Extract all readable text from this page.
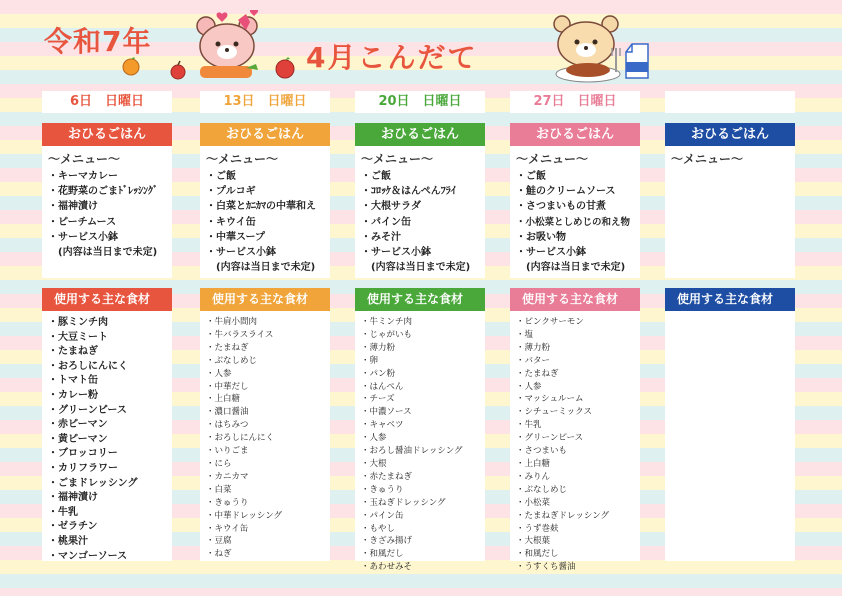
令和7年	4月こんだて
6日　日曜日
おひるごはん
〜メニュー〜
・ キーマカレー
・ 花野菜のごまﾄﾞﾚｯｼﾝｸﾞ
・ 福神漬け
・ ピーチムース
・ サービス小鉢
(内容は当日まで未定)
使用する主な食材
・ 豚ミンチ肉
・ 大豆ミート
・ たまねぎ
・ おろしにんにく
・ トマト缶
・ カレー粉
・ グリーンピース
・ 赤ピーマン
・ 黄ピーマン
・ ブロッコリー
・ カリフラワー
・ ごまドレッシング
・ 福神漬け
・ 牛乳
・ ゼラチン
・ 桃果汁
・ マンゴーソース
13日　日曜日
おひるごはん
〜メニュー〜
・ ご飯
・ プルコギ
・ 白菜とｶﾆｶﾏの中華和え
・ キウイ缶
・ 中華スープ
・ サービス小鉢
(内容は当日まで未定)
使用する主な食材
・ 牛肩小間肉
・ 牛バラスライス
・ たまねぎ
・ ぶなしめじ
・ 人参
・ 中華だし
・ 上白糖
・ 濃口醤油
・ はちみつ
・ おろしにんにく
・ いりごま
・ にら
・ カニカマ
・ 白菜
・ きゅうり
・ 中華ドレッシング
・ キウイ缶
・ 豆腐
・ ねぎ
20日　日曜日
おひるごはん
〜メニュー〜
・ ご飯
・ ｺﾛｯｹ＆はんぺんﾌﾗｲ
・ 大根サラダ
・ パイン缶
・ みそ汁
・ サービス小鉢
(内容は当日まで未定)
使用する主な食材
・ 牛ミンチ肉
・ じゃがいも
・ 薄力粉
・ 卵
・ パン粉
・ はんぺん
・ チーズ
・ 中濃ソース
・ キャベツ
・ 人参
・ おろし醤油ドレッシング
・ 大根
・ 赤たまねぎ
・ きゅうり
・ 玉ねぎドレッシング
・ パイン缶
・ もやし
・ きざみ揚げ
・ 和風だし
・ あわせみそ
27日　日曜日
おひるごはん
〜メニュー〜
・ ご飯
・ 鮭のクリームソース
・ さつまいもの甘煮
・ 小松菜としめじの和え物
・ お吸い物
・ サービス小鉢
(内容は当日まで未定)
使用する主な食材
・ ピンクサーモン
・ 塩
・ 薄力粉
・ バター
・ たまねぎ
・ 人参
・ マッシュルーム
・ シチューミックス
・ 牛乳
・ グリーンピース
・ さつまいも
・ 上白糖
・ みりん
・ ぶなしめじ
・ 小松菜
・ たまねぎドレッシング
・ うず巻麸
・ 大根葉
・ 和風だし
・ うすくち醤油
おひるごはん
〜メニュー〜
使用する主な食材
